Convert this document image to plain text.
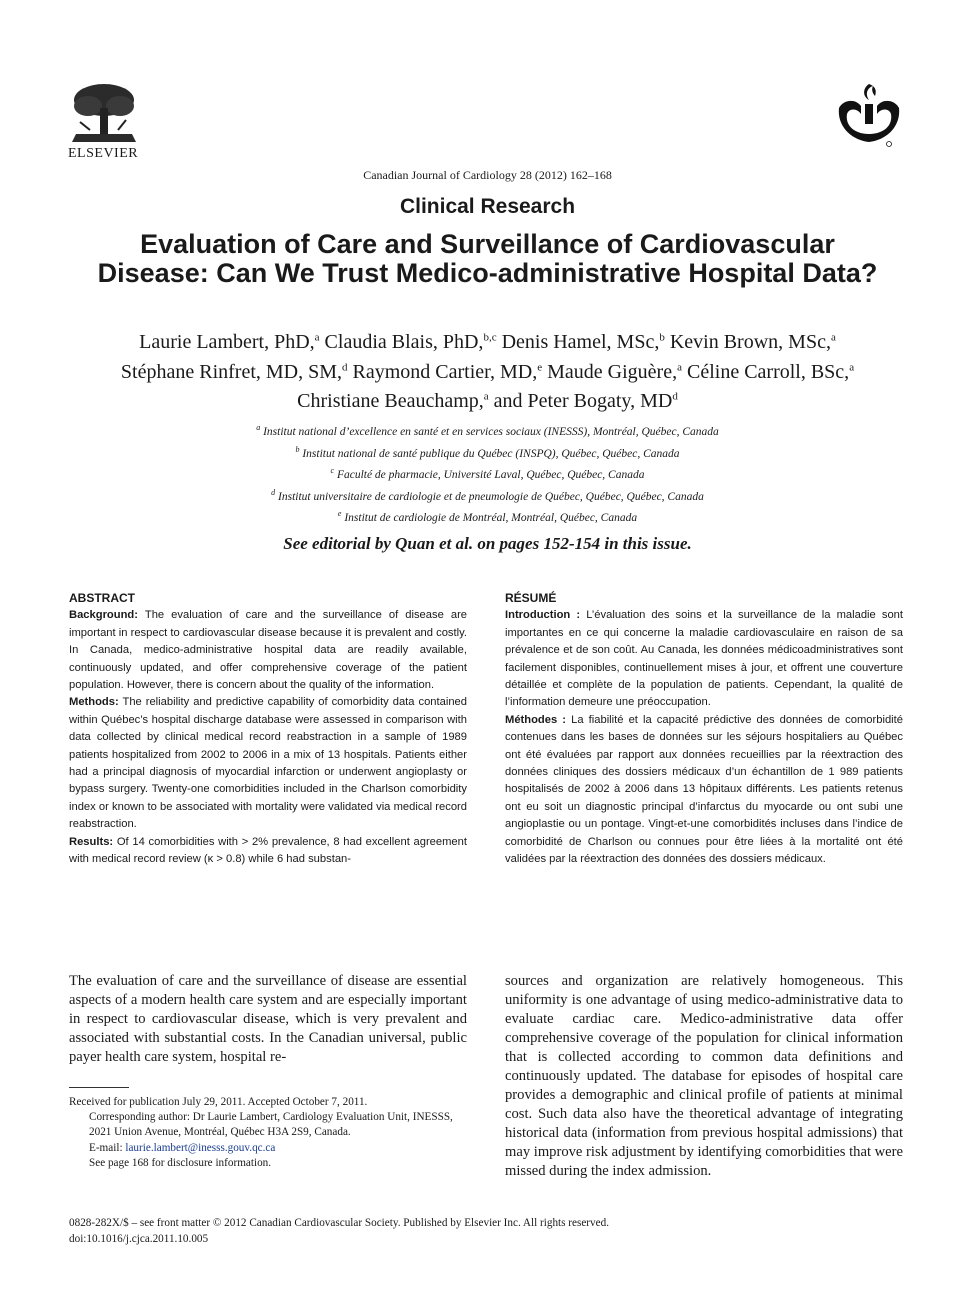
ELSEVIER
Canadian Journal of Cardiology 28 (2012) 162–168
Clinical Research
Evaluation of Care and Surveillance of Cardiovascular Disease: Can We Trust Medico-administrative Hospital Data?
Laurie Lambert, PhD,$^a$ Claudia Blais, PhD,$^{b,c}$ Denis Hamel, MSc,$^b$ Kevin Brown, MSc,$^a$
Stéphane Rinfret, MD, SM,$^d$ Raymond Cartier, MD,$^e$ Maude Giguère,$^a$ Céline Carroll, BSc,$^a$
Christiane Beauchamp,$^a$ and Peter Bogaty, $MD^d$
$^a$ Institut national d’excellence en santé et en services sociaux (INESSS), Montréal, Québec, Canada
$^b$ Institut national de santé publique du Québec (INSPQ), Québec, Québec, Canada
$^c$ Faculté de pharmacie, Université Laval, Québec, Québec, Canada
$^d$ Institut universitaire de cardiologie et de pneumologie de Québec, Québec, Québec, Canada
$^e$ Institut de cardiologie de Montréal, Montréal, Québec, Canada
See editorial by Quan et al. on pages 152-154 in this issue.
ABSTRACT

Background: The evaluation of care and the surveillance of disease are important in respect to cardiovascular disease because it is prevalent and costly. In Canada, medico-administrative hospital data are readily available, continuously updated, and offer comprehensive coverage of the patient population. However, there is concern about the quality of the information.

Methods: The reliability and predictive capability of comorbidity data contained within Québec’s hospital discharge database were assessed in comparison with data collected by clinical medical record reabstraction in a sample of 1989 patients hospitalized from 2002 to 2006 in a mix of 13 hospitals. Patients either had a principal diagnosis of myocardial infarction or underwent angioplasty or bypass surgery. Twenty-one comorbidities included in the Charlson comorbidity index or known to be associated with mortality were validated via medical record reabstraction.

Results: Of 14 comorbidities with > 2% prevalence, 8 had excellent agreement with medical record review (κ > 0.8) while 6 had substan-

RÉSUMÉ

Introduction : L’évaluation des soins et la surveillance de la maladie sont importantes en ce qui concerne la maladie cardiovasculaire en raison de sa prévalence et de son coût. Au Canada, les données médicoadministratives sont facilement disponibles, continuellement mises à jour, et offrent une couverture détaillée et complète de la population de patients. Cependant, la qualité de l’information demeure une préoccupation.

Méthodes : La fiabilité et la capacité prédictive des données de comorbidité contenues dans les bases de données sur les séjours hospitaliers au Québec ont été évaluées par rapport aux données recueillies par la réextraction des données cliniques des dossiers médicaux d’un échantillon de 1 989 patients hospitalisés de 2002 à 2006 dans 13 hôpitaux différents. Les patients retenus ont eu soit un diagnostic principal d’infarctus du myocarde ou ont subi une angioplastie ou un pontage. Vingt-et-une comorbidités incluses dans l’indice de comorbidité de Charlson ou connues pour être liées à la mortalité ont été validées par la réextraction des données des dossiers médicaux.

The evaluation of care and the surveillance of disease are essential aspects of a modern health care system and are especially important in respect to cardiovascular disease, which is very prevalent and associated with substantial costs. In the Canadian universal, public payer health care system, hospital re-

sources and organization are relatively homogeneous. This uniformity is one advantage of using medico-administrative data to evaluate cardiac care. Medico-administrative data offer comprehensive coverage of the population for clinical information that is collected according to common data definitions and continuously updated. The database for episodes of hospital care provides a demographic and clinical profile of patients at minimal cost. Such data also have the theoretical advantage of integrating historical data (information from previous hospital admissions) that may improve risk adjustment by identifying comorbidities that were missed during the index admission.

Received for publication July 29, 2011. Accepted October 7, 2011.

Corresponding author: Dr Laurie Lambert, Cardiology Evaluation Unit, INESSS, 2021 Union Avenue, Montréal, Québec H3A 2S9, Canada.

E-mail: laurie.lambert@inesss.gouv.qc.ca

See page 168 for disclosure information.

0828-282X/$ – see front matter © 2012 Canadian Cardiovascular Society. Published by Elsevier Inc. All rights reserved.

doi:10.1016/j.cjca.2011.10.005
